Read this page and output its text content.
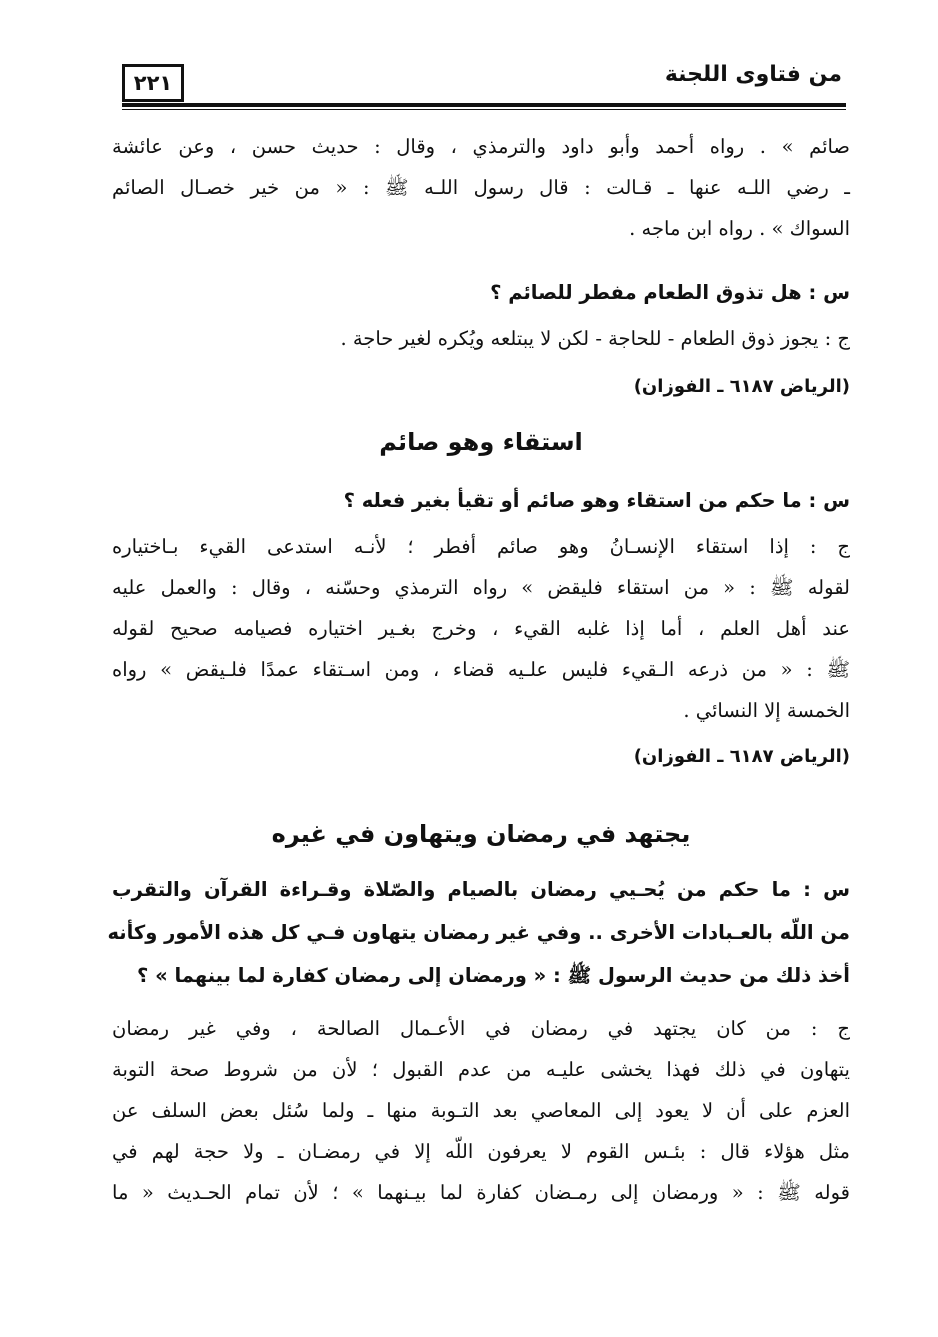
من فتاوى اللجنة
٢٢١
صائم » . رواه أحمد وأبو داود والترمذي ، وقال : حديث حسن ، وعن عائشة
ـ رضي اللـه عنها ـ قـالت : قال رسول اللـه ﷺ : « من خير خصـال الصائم
السواك » . رواه ابن ماجه .
س : هل تذوق الطعام مفطر للصائم ؟
ج : يجوز ذوق الطعام - للحاجة - لكن لا يبتلعه ويُكره لغير حاجة .
(الرياض ٦١٨٧ ـ الفوزان)
استقاء وهو صائم
س : ما حكم من استقاء وهو صائم أو تقيأ بغير فعله ؟
ج : إذا استقاء الإنسـانُ وهو صائم أفطر ؛ لأنـه استدعى القيء بـاختياره
لقوله ﷺ : « من استقاء فليقض » رواه الترمذي وحسّنه ، وقال : والعمل عليه
عند أهل العلم ، أما إذا غلبه القيء ، وخرج بغـير اختياره فصيامه صحيح لقوله
ﷺ : « من ذرعه الـقيء فليس علـيه قضاء ، ومن اسـتقاء عمدًا فلـيقض » رواه
الخمسة إلا النسائي .
(الرياض ٦١٨٧ ـ الفوزان)
يجتهد في رمضان ويتهاون في غيره
س : ما حكم من يُحـيي رمضان بالصيام والصّلاة وقـراءة القرآن والتقرب
من اللّه بالعـبادات الأخرى .. وفي غير رمضان يتهاون فـي كل هذه الأمور وكأنه
أخذ ذلك من حديث الرسول ﷺ : « ورمضان إلى رمضان كفارة لما بينهما » ؟
ج : من كان يجتهد في رمضان في الأعـمال الصالحة ، وفي غير رمضان
يتهاون في ذلك فهذا يخشى عليـه من عدم القبول ؛ لأن من شروط صحة التوبة
العزم على أن لا يعود إلى المعاصي بعد التـوبة منها ـ ولما سُئل بعض السلف عن
مثل هؤلاء قال : بئـس القوم لا يعرفون اللّه إلا في رمضـان ـ ولا حجة لهم في
قوله ﷺ : « ورمضان إلى رمـضان كفارة لما بيـنهما » ؛ لأن تمام الحـديث « ما
